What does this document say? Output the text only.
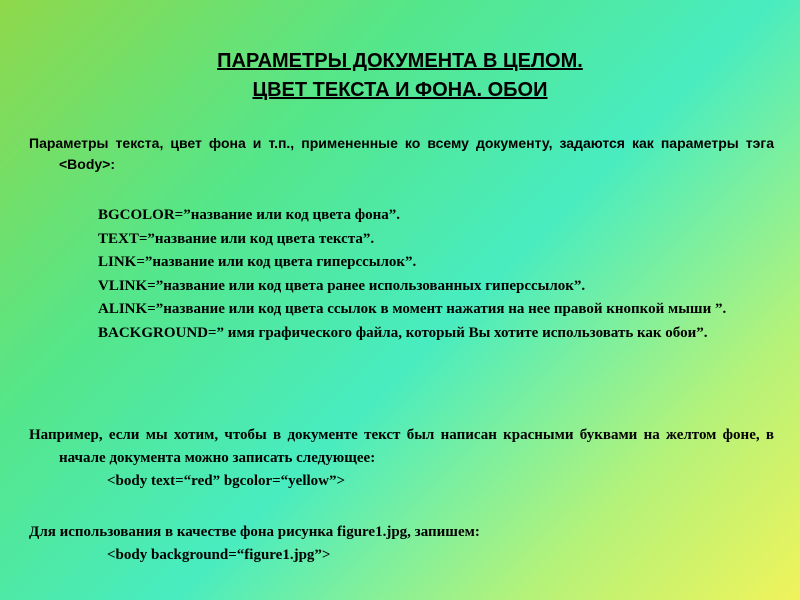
ПАРАМЕТРЫ ДОКУМЕНТА В ЦЕЛОМ.
ЦВЕТ ТЕКСТА И ФОНА. ОБОИ
Параметры текста, цвет фона и т.п., примененные ко всему документу, задаются как параметры тэга <Body>:

BGCOLOR=”название или код цвета фона”.

TEXT=”название или код цвета текста”.

LINK=”название или код цвета гиперссылок”.

VLINK=”название или код цвета ранее использованных гиперссылок”.

ALINK=”название или код цвета ссылок в момент нажатия на нее правой кнопкой мыши ”.

BACKGROUND=” имя графического файла, который Вы хотите использовать как обои”.

Например, если мы хотим, чтобы в документе текст был написан красными буквами на желтом фоне, в начале документа можно записать следующее:
<body text=“red” bgcolor=“yellow”>
Для использования в качестве фона рисунка figure1.jpg, запишем:
<body background=“figure1.jpg”>
